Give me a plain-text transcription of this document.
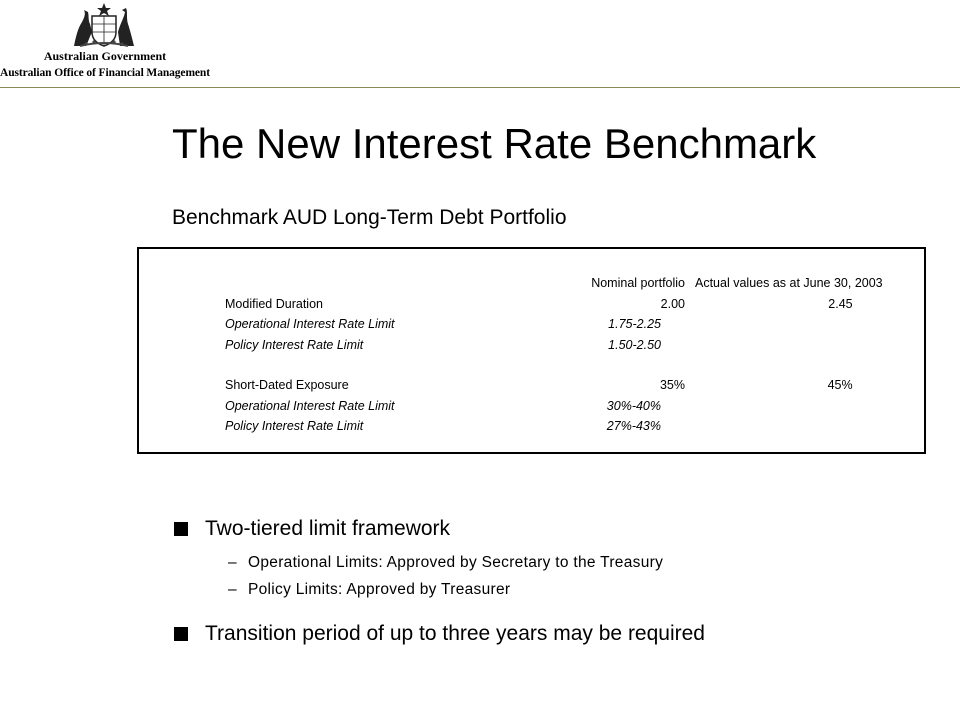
Australian Government
Australian Office of Financial Management
The New Interest Rate Benchmark
Benchmark AUD Long-Term Debt Portfolio
	Nominal portfolio	Actual values as at June 30, 2003
Modified Duration	2.00	2.45
Operational Interest Rate Limit	1.75-2.25	
Policy Interest Rate Limit	1.50-2.50	

Short-Dated Exposure	35%	45%
Operational Interest Rate Limit	30%-40%	
Policy Interest Rate Limit	27%-43%	
Two-tiered limit framework
– Operational Limits: Approved by Secretary to the Treasury
– Policy Limits: Approved by Treasurer
Transition period of up to three years may be required
